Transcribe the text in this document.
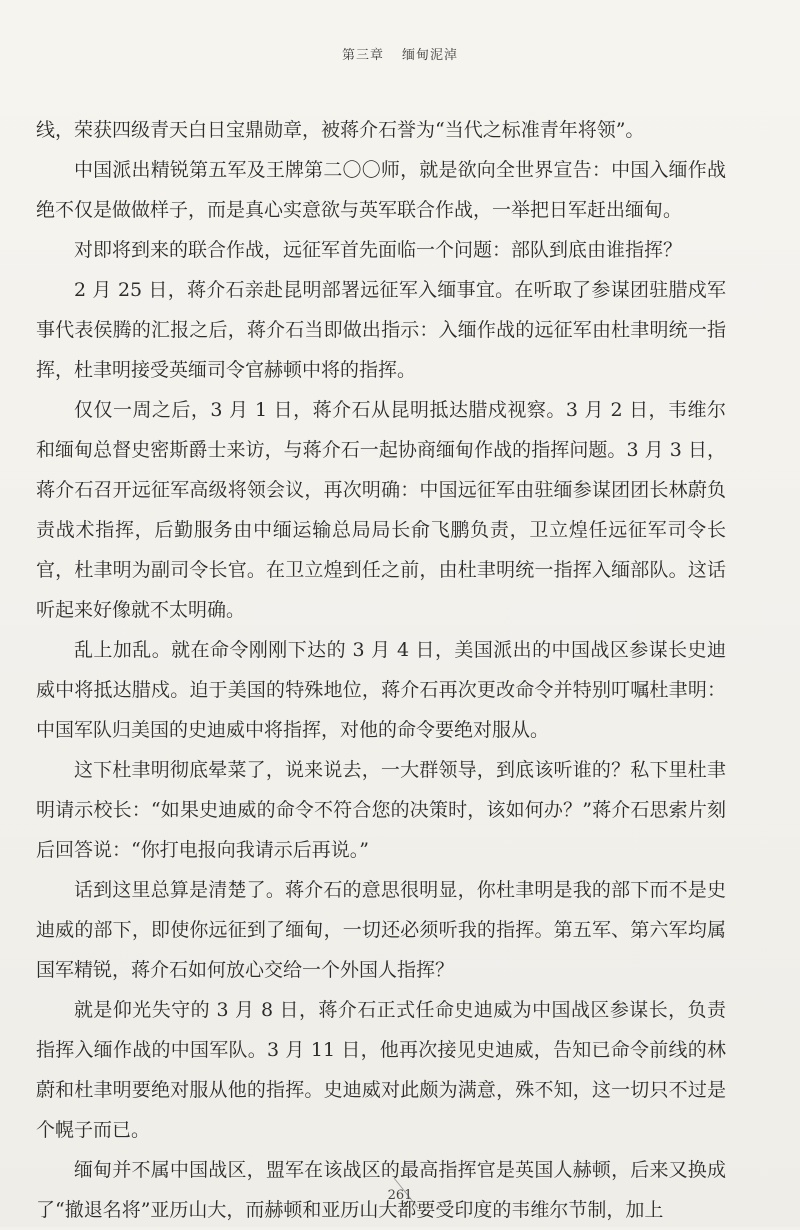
第三章 缅甸泥淖

线，荣获四级青天白日宝鼎勋章，被蒋介石誉为“当代之标准青年将领”。

中国派出精锐第五军及王牌第二〇〇师，就是欲向全世界宣告：中国入缅作战绝不仅是做做样子，而是真心实意欲与英军联合作战，一举把日军赶出缅甸。

对即将到来的联合作战，远征军首先面临一个问题：部队到底由谁指挥？

2 月 25 日，蒋介石亲赴昆明部署远征军入缅事宜。在听取了参谋团驻腊戍军事代表侯腾的汇报之后，蒋介石当即做出指示：入缅作战的远征军由杜聿明统一指挥，杜聿明接受英缅司令官赫顿中将的指挥。

仅仅一周之后，3 月 1 日，蒋介石从昆明抵达腊戍视察。3 月 2 日，韦维尔和缅甸总督史密斯爵士来访，与蒋介石一起协商缅甸作战的指挥问题。3 月 3 日，蒋介石召开远征军高级将领会议，再次明确：中国远征军由驻缅参谋团团长林蔚负责战术指挥，后勤服务由中缅运输总局局长俞飞鹏负责，卫立煌任远征军司令长官，杜聿明为副司令长官。在卫立煌到任之前，由杜聿明统一指挥入缅部队。这话听起来好像就不太明确。

乱上加乱。就在命令刚刚下达的 3 月 4 日，美国派出的中国战区参谋长史迪威中将抵达腊戍。迫于美国的特殊地位，蒋介石再次更改命令并特别叮嘱杜聿明：中国军队归美国的史迪威中将指挥，对他的命令要绝对服从。

这下杜聿明彻底晕菜了，说来说去，一大群领导，到底该听谁的？私下里杜聿明请示校长：“如果史迪威的命令不符合您的决策时，该如何办？”蒋介石思索片刻后回答说：“你打电报向我请示后再说。”

话到这里总算是清楚了。蒋介石的意思很明显，你杜聿明是我的部下而不是史迪威的部下，即使你远征到了缅甸，一切还必须听我的指挥。第五军、第六军均属国军精锐，蒋介石如何放心交给一个外国人指挥？

就是仰光失守的 3 月 8 日，蒋介石正式任命史迪威为中国战区参谋长，负责指挥入缅作战的中国军队。3 月 11 日，他再次接见史迪威，告知已命令前线的林蔚和杜聿明要绝对服从他的指挥。史迪威对此颇为满意，殊不知，这一切只不过是个幌子而已。

缅甸并不属中国战区，盟军在该战区的最高指挥官是英国人赫顿，后来又换成了“撤退名将”亚历山大，而赫顿和亚历山大都要受印度的韦维尔节制，加上

261
